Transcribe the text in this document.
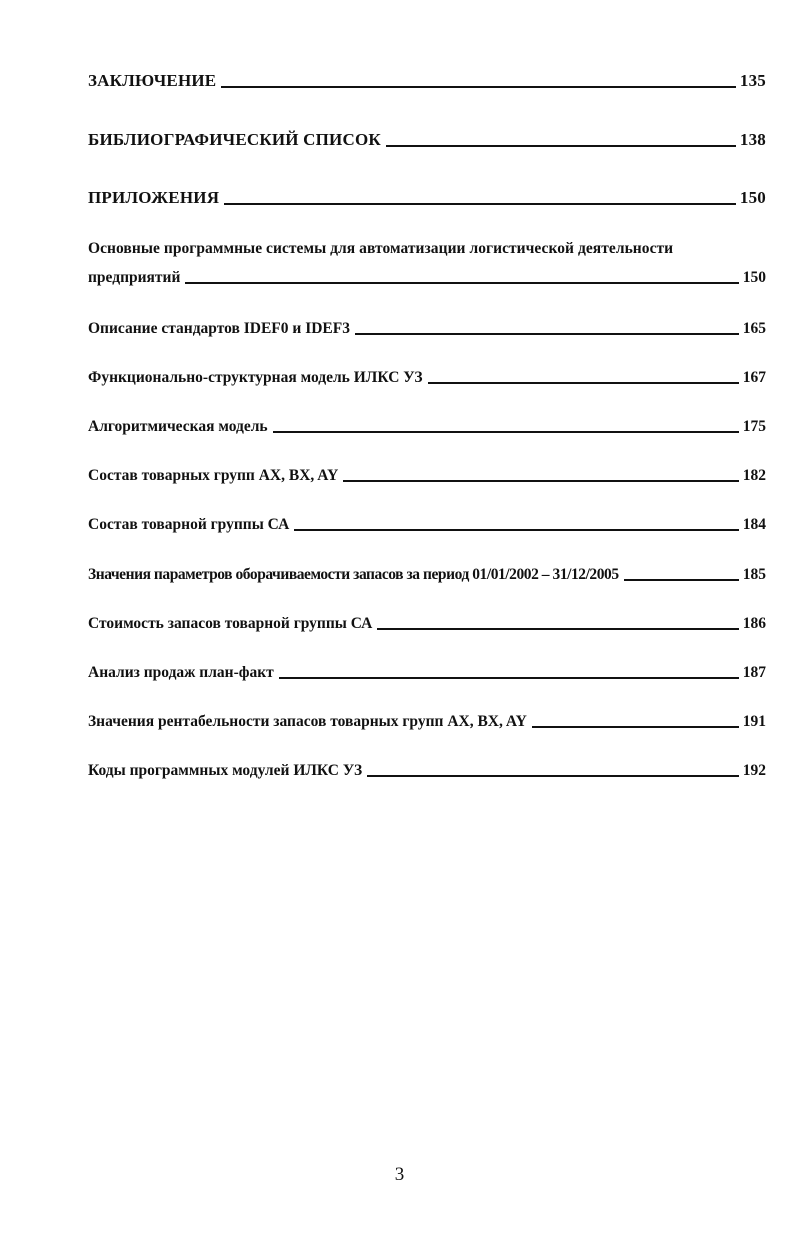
ЗАКЛЮЧЕНИЕ	135
БИБЛИОГРАФИЧЕСКИЙ СПИСОК	138
ПРИЛОЖЕНИЯ	150
Основные программные системы для автоматизации логистической деятельности
предприятий	150
Описание стандартов IDEF0 и IDEF3	165
Функционально-структурная модель ИЛКС УЗ	167
Алгоритмическая модель	175
Состав товарных групп AX, BX, AY	182
Состав товарной группы СА	184
Значения параметров оборачиваемости запасов за период 01/01/2002 – 31/12/2005	185
Стоимость запасов товарной группы СА	186
Анализ продаж план-факт	187
Значения рентабельности запасов товарных групп AX, BX, AY	191
Коды программных модулей ИЛКС УЗ	192
3
